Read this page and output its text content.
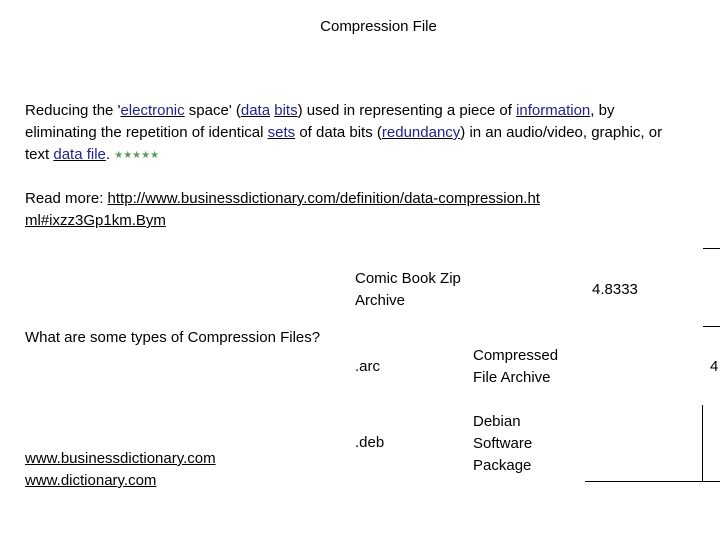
Compression File
Reducing the 'electronic space' (data bits) used in representing a piece of information, by eliminating the repetition of identical sets of data bits (redundancy) in an audio/video, graphic, or text data file. ★★★★★
Read more: http://www.businessdictionary.com/definition/data-compression.html#ixzz3Gp1km.Bym
Comic Book Zip Archive
4.8333
What are some types of Compression Files?
.arc
Compressed File Archive
4
.deb
Debian Software Package
www.businessdictionary.com
www.dictionary.com
